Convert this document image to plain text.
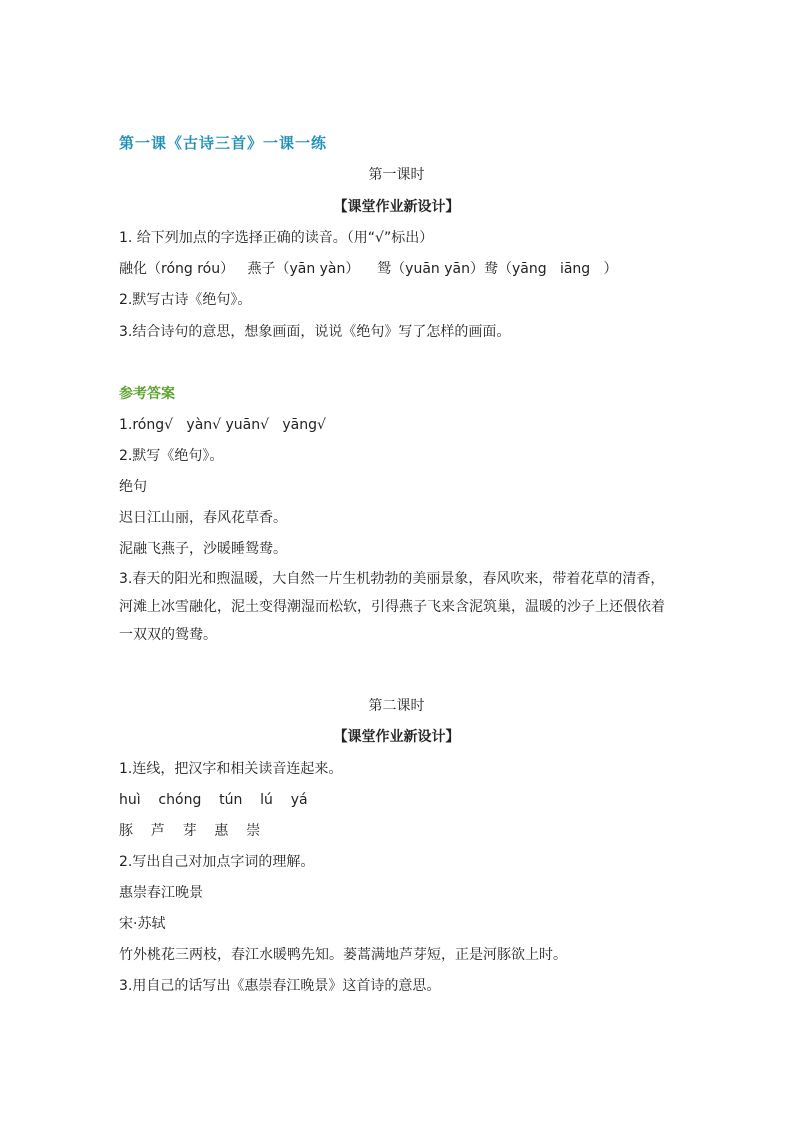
第一课《古诗三首》一课一练
第一课时
【课堂作业新设计】
1. 给下列加点的字选择正确的读音。（用“√”标出）
融化（róng róu）   燕子（yān yàn）    鸳（yuān yān）鸯（yāng   iāng   ）
2.默写古诗《绝句》。
3.结合诗句的意思，想象画面，说说《绝句》写了怎样的画面。
参考答案
1.róng√   yàn√ yuān√   yāng√
2.默写《绝句》。
绝句
迟日江山丽，春风花草香。
泥融飞燕子，沙暖睡鸳鸯。
3.春天的阳光和煦温暖，大自然一片生机勃勃的美丽景象，春风吹来，带着花草的清香，河滩上冰雪融化，泥土变得潮湿而松软，引得燕子飞来含泥筑巢，温暖的沙子上还偎依着一双双的鸳鸯。
第二课时
【课堂作业新设计】
1.连线，把汉字和相关读音连起来。
huì    chóng    tún    lú    yá
豚    芦    芽    惠    崇
2.写出自己对加点字词的理解。
惠崇春江晚景
宋·苏轼
竹外桃花三两枝，春江水暖鸭先知。蒌蒿满地芦芽短，正是河豚欲上时。
3.用自己的话写出《惠崇春江晚景》这首诗的意思。
